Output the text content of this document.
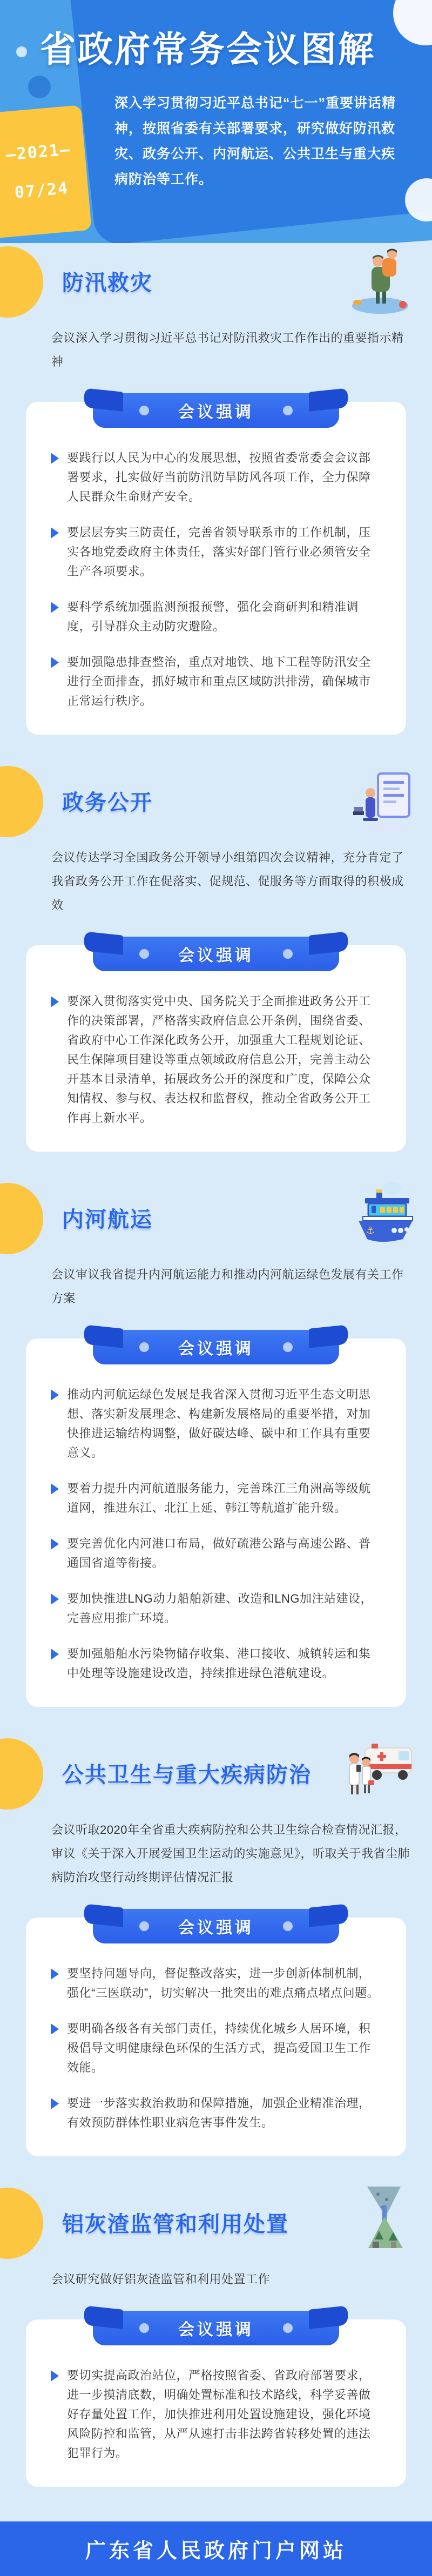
省政府常务会议图解
深入学习贯彻习近平总书记“七一”重要讲话精神，按照省委有关部署要求，研究做好防汛救灾、政务公开、内河航运、公共卫生与重大疾病防治等工作。
—2021—
07/24
防汛救灾
会议深入学习贯彻习近平总书记对防汛救灾工作作出的重要指示精神
会议强调
要践行以人民为中心的发展思想，按照省委常委会会议部署要求，扎实做好当前防汛防旱防风各项工作，全力保障人民群众生命财产安全。
要层层夯实三防责任，完善省领导联系市的工作机制，压实各地党委政府主体责任，落实好部门管行业必须管安全生产各项要求。
要科学系统加强监测预报预警，强化会商研判和精准调度，引导群众主动防灾避险。
要加强隐患排查整治，重点对地铁、地下工程等防汛安全进行全面排查，抓好城市和重点区域防洪排涝，确保城市正常运行秩序。
政务公开
会议传达学习全国政务公开领导小组第四次会议精神，充分肯定了我省政务公开工作在促落实、促规范、促服务等方面取得的积极成效
会议强调
要深入贯彻落实党中央、国务院关于全面推进政务公开工作的决策部署，严格落实政府信息公开条例，围绕省委、省政府中心工作深化政务公开，加强重大工程规划论证、民生保障项目建设等重点领域政府信息公开，完善主动公开基本目录清单，拓展政务公开的深度和广度，保障公众知情权、参与权、表达权和监督权，推动全省政务公开工作再上新水平。
内河航运	⚓
会议审议我省提升内河航运能力和推动内河航运绿色发展有关工作方案
会议强调
推动内河航运绿色发展是我省深入贯彻习近平生态文明思想、落实新发展理念、构建新发展格局的重要举措，对加快推进运输结构调整，做好碳达峰、碳中和工作具有重要意义。
要着力提升内河航道服务能力，完善珠江三角洲高等级航道网，推进东江、北江上延、韩江等航道扩能升级。
要完善优化内河港口布局，做好疏港公路与高速公路、普通国省道等衔接。
要加快推进LNG动力船舶新建、改造和LNG加注站建设，完善应用推广环境。
要加强船舶水污染物储存收集、港口接收、城镇转运和集中处理等设施建设改造，持续推进绿色港航建设。
公共卫生与重大疾病防治
会议听取2020年全省重大疾病防控和公共卫生综合检查情况汇报，审议《关于深入开展爱国卫生运动的实施意见》，听取关于我省尘肺病防治攻坚行动终期评估情况汇报
会议强调
要坚持问题导向，督促整改落实，进一步创新体制机制，强化“三医联动”，切实解决一批突出的难点痛点堵点问题。
要明确各级各有关部门责任，持续优化城乡人居环境，积极倡导文明健康绿色环保的生活方式，提高爱国卫生工作效能。
要进一步落实救治救助和保障措施，加强企业精准治理，有效预防群体性职业病危害事件发生。
铝灰渣监管和利用处置
会议研究做好铝灰渣监管和利用处置工作
会议强调
要切实提高政治站位，严格按照省委、省政府部署要求，进一步摸清底数，明确处置标准和技术路线，科学妥善做好存量处置工作，加快推进利用处置设施建设，强化环境风险防控和监管，从严从速打击非法跨省转移处置的违法犯罪行为。
广东省人民政府门户网站
